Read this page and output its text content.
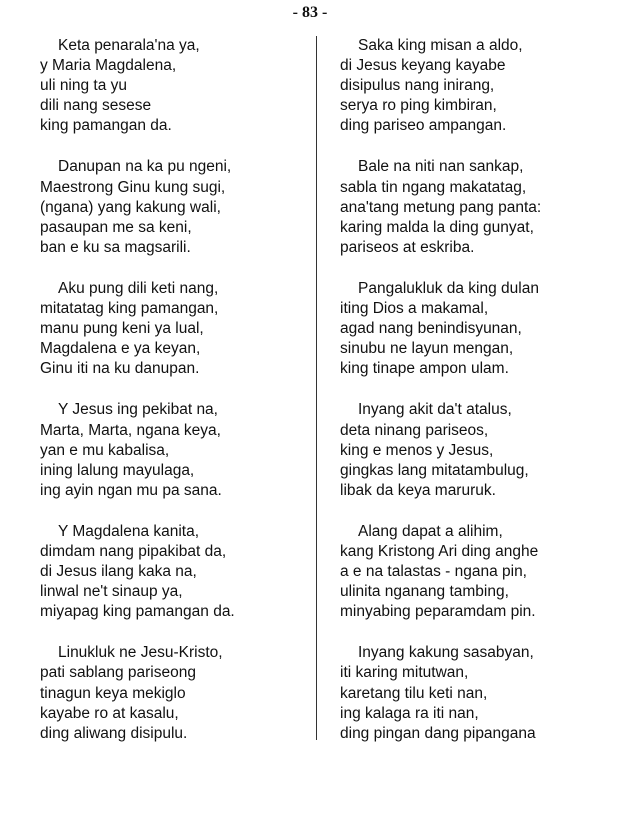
- 83 -
Keta penarala'na ya,
y Maria Magdalena,
uli ning ta yu
dili nang sesese
king pamangan da.
Danupan na ka pu ngeni,
Maestrong Ginu kung sugi,
(ngana) yang kakung wali,
pasaupan me sa keni,
ban e ku sa magsarili.
Aku pung dili keti nang,
mitatatag king pamangan,
manu pung keni ya lual,
Magdalena e ya keyan,
Ginu iti na ku danupan.
Y Jesus ing pekibat na,
Marta, Marta, ngana keya,
yan e mu kabalisa,
ining lalung mayulaga,
ing ayin ngan mu pa sana.
Y Magdalena kanita,
dimdam nang pipakibat da,
di Jesus ilang kaka na,
linwal ne't sinaup ya,
miyapag king pamangan da.
Linukluk ne Jesu-Kristo,
pati sablang pariseong
tinagun keya mekiglo
kayabe ro at kasalu,
ding aliwang disipulu.
Saka king misan a aldo,
di Jesus keyang kayabe
disipulus nang inirang,
serya ro ping kimbiran,
ding pariseo ampangan.
Bale na niti nan sankap,
sabla tin ngang makatatag,
ana'tang metung pang panta:
karing malda la ding gunyat,
pariseos at eskriba.
Pangalukluk da king dulan
iting Dios a makamal,
agad nang benindisyunan,
sinubu ne layun mengan,
king tinape ampon ulam.
Inyang akit da't atalus,
deta ninang pariseos,
king e menos y Jesus,
gingkas lang mitatambulug,
libak da keya maruruk.
Alang dapat a alihim,
kang Kristong Ari ding anghe
a e na talastas - ngana pin,
ulinita nganang tambing,
minyabing peparamdam pin.
Inyang kakung sasabyan,
iti karing mitutwan,
karetang tilu keti nan,
ing kalaga ra iti nan,
ding pingan dang pipangana
